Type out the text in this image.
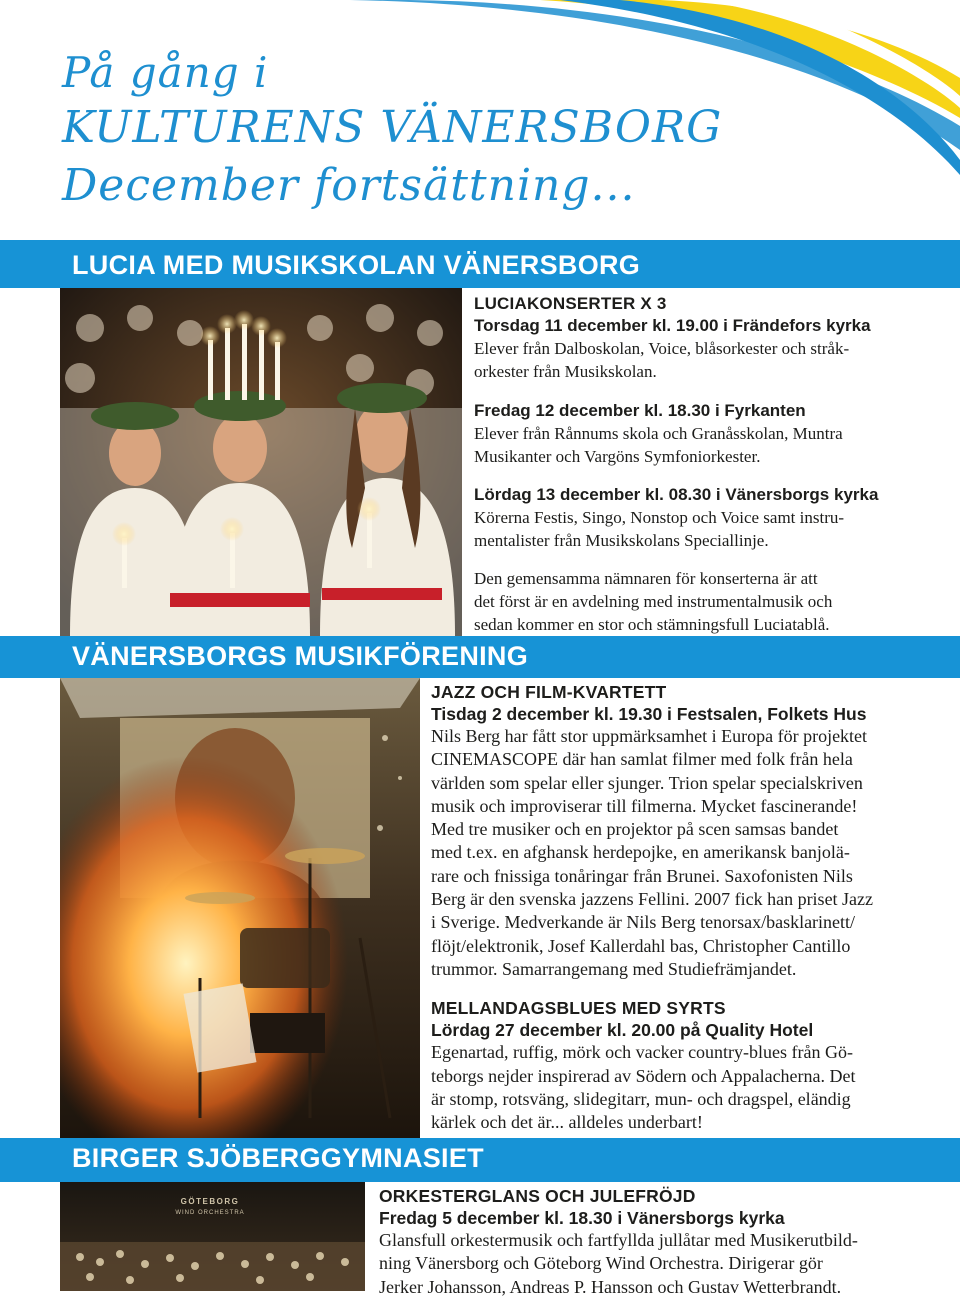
På gång i
KULTURENS VÄNERSBORG
December fortsättning...
LUCIA MED MUSIKSKOLAN VÄNERSBORG
LUCIAKONSERTER X 3
Torsdag 11 december kl. 19.00 i Frändefors kyrka
Elever från Dalboskolan, Voice, blåsorkester och stråk-
orkester från Musikskolan.
Fredag 12 december kl. 18.30 i Fyrkanten
Elever från Rånnums skola och Granåsskolan, Muntra
Musikanter och Vargöns Symfoniorkester.
Lördag 13 december kl. 08.30 i Vänersborgs kyrka
Körerna Festis, Singo, Nonstop och Voice samt instru-
mentalister från Musikskolans Speciallinje.
Den gemensamma nämnaren för konserterna är att
det först är en avdelning med instrumentalmusik och
sedan kommer en stor och stämningsfull Luciatablå.
VÄNERSBORGS MUSIKFÖRENING
JAZZ OCH FILM-KVARTETT
Tisdag 2 december kl. 19.30 i Festsalen, Folkets Hus
Nils Berg har fått stor uppmärksamhet i Europa för projektet
CINEMASCOPE där han samlat filmer med folk från hela
världen som spelar eller sjunger. Trion spelar specialskriven
musik och improviserar till filmerna. Mycket fascinerande!
Med tre musiker och en projektor på scen samsas bandet
med t.ex. en afghansk herdepojke, en amerikansk banjolä-
rare och fnissiga tonåringar från Brunei. Saxofonisten Nils
Berg är den svenska jazzens Fellini. 2007 fick han priset Jazz
i Sverige. Medverkande är Nils Berg tenorsax/basklarinett/
flöjt/elektronik, Josef Kallerdahl bas, Christopher Cantillo
trummor. Samarrangemang med Studiefrämjandet.
MELLANDAGSBLUES MED SYRTS
Lördag 27 december kl. 20.00 på Quality Hotel
Egenartad, ruffig, mörk och vacker country-blues från Gö-
teborgs nejder inspirerad av Södern och Appalacherna. Det
är stomp, rotsväng, slidegitarr, mun- och dragspel, eländig
kärlek och det är... alldeles underbart!
BIRGER SJÖBERGGYMNASIET
GÖTEBORG
WIND ORCHESTRA
ORKESTERGLANS OCH JULEFRÖJD
Fredag 5 december kl. 18.30 i Vänersborgs kyrka
Glansfull orkestermusik och fartfyllda jullåtar med Musikerutbild-
ning Vänersborg och Göteborg Wind Orchestra. Dirigerar gör
Jerker Johansson, Andreas P. Hansson och Gustav Wetterbrandt.
